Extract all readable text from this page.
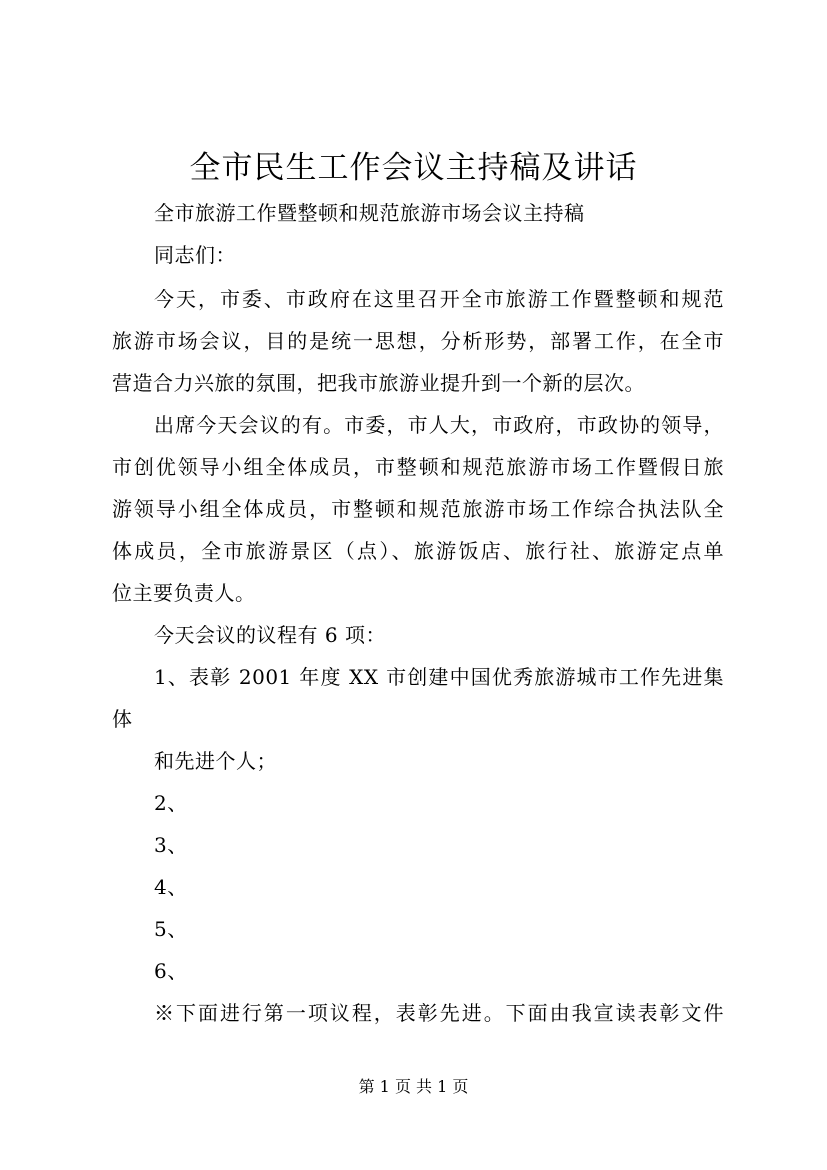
全市民生工作会议主持稿及讲话
全市旅游工作暨整顿和规范旅游市场会议主持稿
同志们：
今天，市委、市政府在这里召开全市旅游工作暨整顿和规范
旅游市场会议，目的是统一思想，分析形势，部署工作，在全市
营造合力兴旅的氛围，把我市旅游业提升到一个新的层次。
出席今天会议的有。市委，市人大，市政府，市政协的领导，
市创优领导小组全体成员，市整顿和规范旅游市场工作暨假日旅
游领导小组全体成员，市整顿和规范旅游市场工作综合执法队全
体成员，全市旅游景区（点）、旅游饭店、旅行社、旅游定点单
位主要负责人。
今天会议的议程有 6 项：
1、表彰 2001 年度 XX 市创建中国优秀旅游城市工作先进集
体
和先进个人；
2、
3、
4、
5、
6、
※下面进行第一项议程，表彰先进。下面由我宣读表彰文件
第 1 页 共 1 页
